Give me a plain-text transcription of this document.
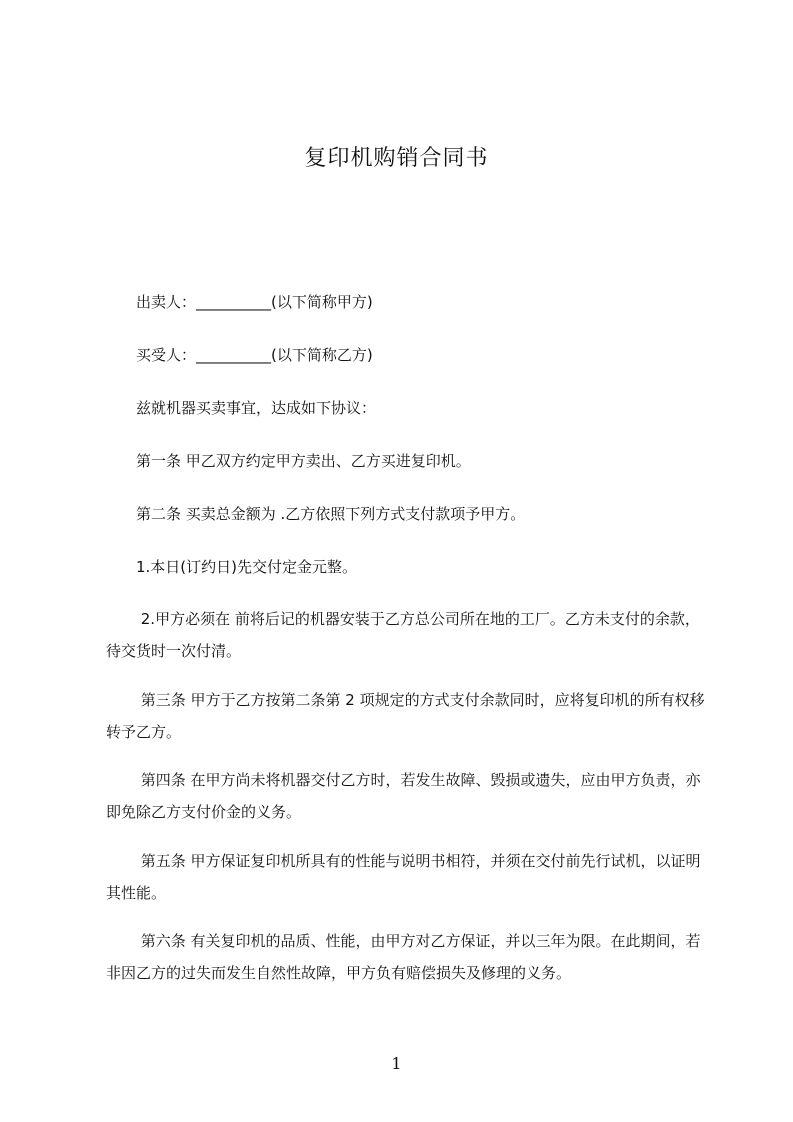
复印机购销合同书
　　出卖人：__________(以下简称甲方)
　　买受人：__________(以下简称乙方)
　　兹就机器买卖事宜，达成如下协议：
　　第一条 甲乙双方约定甲方卖出、乙方买进复印机。
　　第二条 买卖总金额为 .乙方依照下列方式支付款项予甲方。
　　1.本日(订约日)先交付定金元整。
　　 2.甲方必须在 前将后记的机器安装于乙方总公司所在地的工厂。乙方未支付的余款，待交货时一次付清。
　　 第三条 甲方于乙方按第二条第 2 项规定的方式支付余款同时，应将复印机的所有权移转予乙方。
　　 第四条 在甲方尚未将机器交付乙方时，若发生故障、毁损或遗失，应由甲方负责，亦即免除乙方支付价金的义务。
　　 第五条 甲方保证复印机所具有的性能与说明书相符，并须在交付前先行试机，以证明其性能。
　　 第六条 有关复印机的品质、性能，由甲方对乙方保证，并以三年为限。在此期间，若非因乙方的过失而发生自然性故障，甲方负有赔偿损失及修理的义务。
1
